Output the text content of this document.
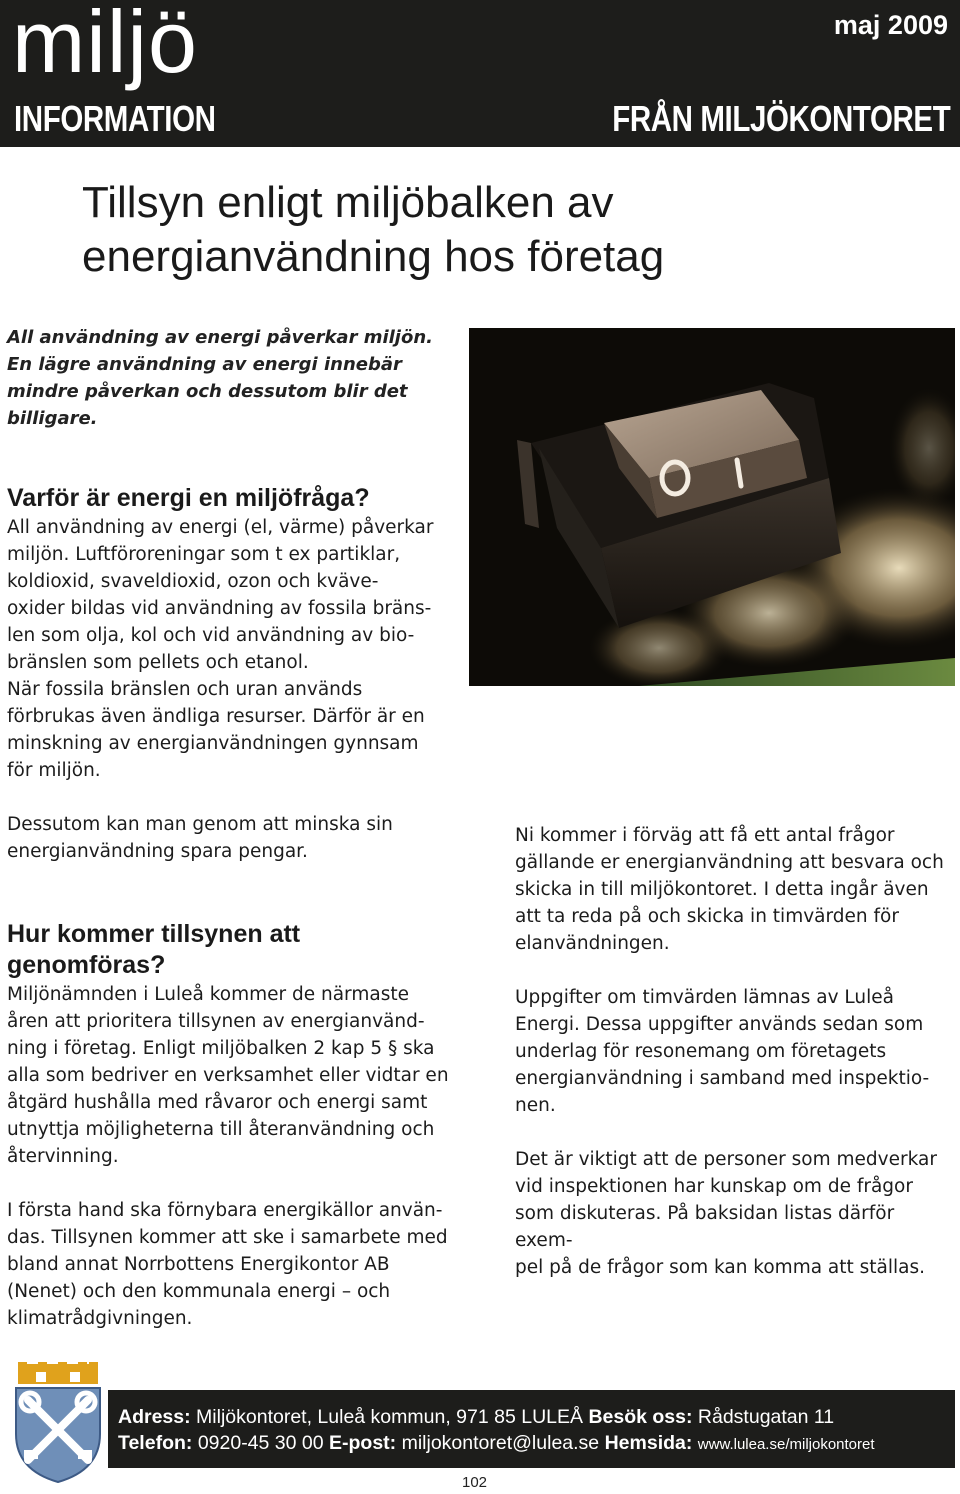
miljö	maj 2009
INFORMATION	FRÅN MILJÖKONTORET
Tillsyn enligt miljöbalken av
energianvändning hos företag

All användning av energi påverkar miljön.
En lägre användning av energi innebär
mindre påverkan och dessutom blir det
billigare.

Varför är energi en miljöfråga?

All användning av energi (el, värme) påverkar
miljön. Luftföroreningar som t ex partiklar,
koldioxid, svaveldioxid, ozon och kväve-
oxider bildas vid användning av fossila bräns-
len som olja, kol och vid användning av bio-
bränslen som pellets och etanol.
När fossila bränslen och uran används
förbrukas även ändliga resurser. Därför är en
minskning av energianvändningen gynnsam
för miljön.

Dessutom kan man genom att minska sin
energianvändning spara pengar.

Hur kommer tillsynen att
genomföras?

Miljönämnden i Luleå kommer de närmaste
åren att prioritera tillsynen av energianvänd-
ning i företag. Enligt miljöbalken 2 kap 5 § ska
alla som bedriver en verksamhet eller vidtar en
åtgärd hushålla med råvaror och energi samt
utnyttja möjligheterna till återanvändning och
återvinning.

I första hand ska förnybara energikällor använ-
das. Tillsynen kommer att ske i samarbete med
bland annat Norrbottens Energikontor AB
(Nenet) och den kommunala energi – och
klimatrådgivningen.

Ni kommer i förväg att få ett antal frågor
gällande er energianvändning att besvara och
skicka in till miljökontoret. I detta ingår även
att ta reda på och skicka in timvärden för
elanvändningen.

Uppgifter om timvärden lämnas av Luleå
Energi. Dessa uppgifter används sedan som
underlag för resonemang om företagets
energianvändning i samband med inspektio-
nen.

Det är viktigt att de personer som medverkar
vid inspektionen har kunskap om de frågor
som diskuteras. På baksidan listas därför exem-
pel på de frågor som kan komma att ställas.

Adress: Miljökontoret, Luleå kommun, 971 85 LULEÅ Besök oss: Rådstugatan 11
Telefon: 0920-45 30 00 E-post: miljokontoret@lulea.se Hemsida: www.lulea.se/miljokontoret
102
